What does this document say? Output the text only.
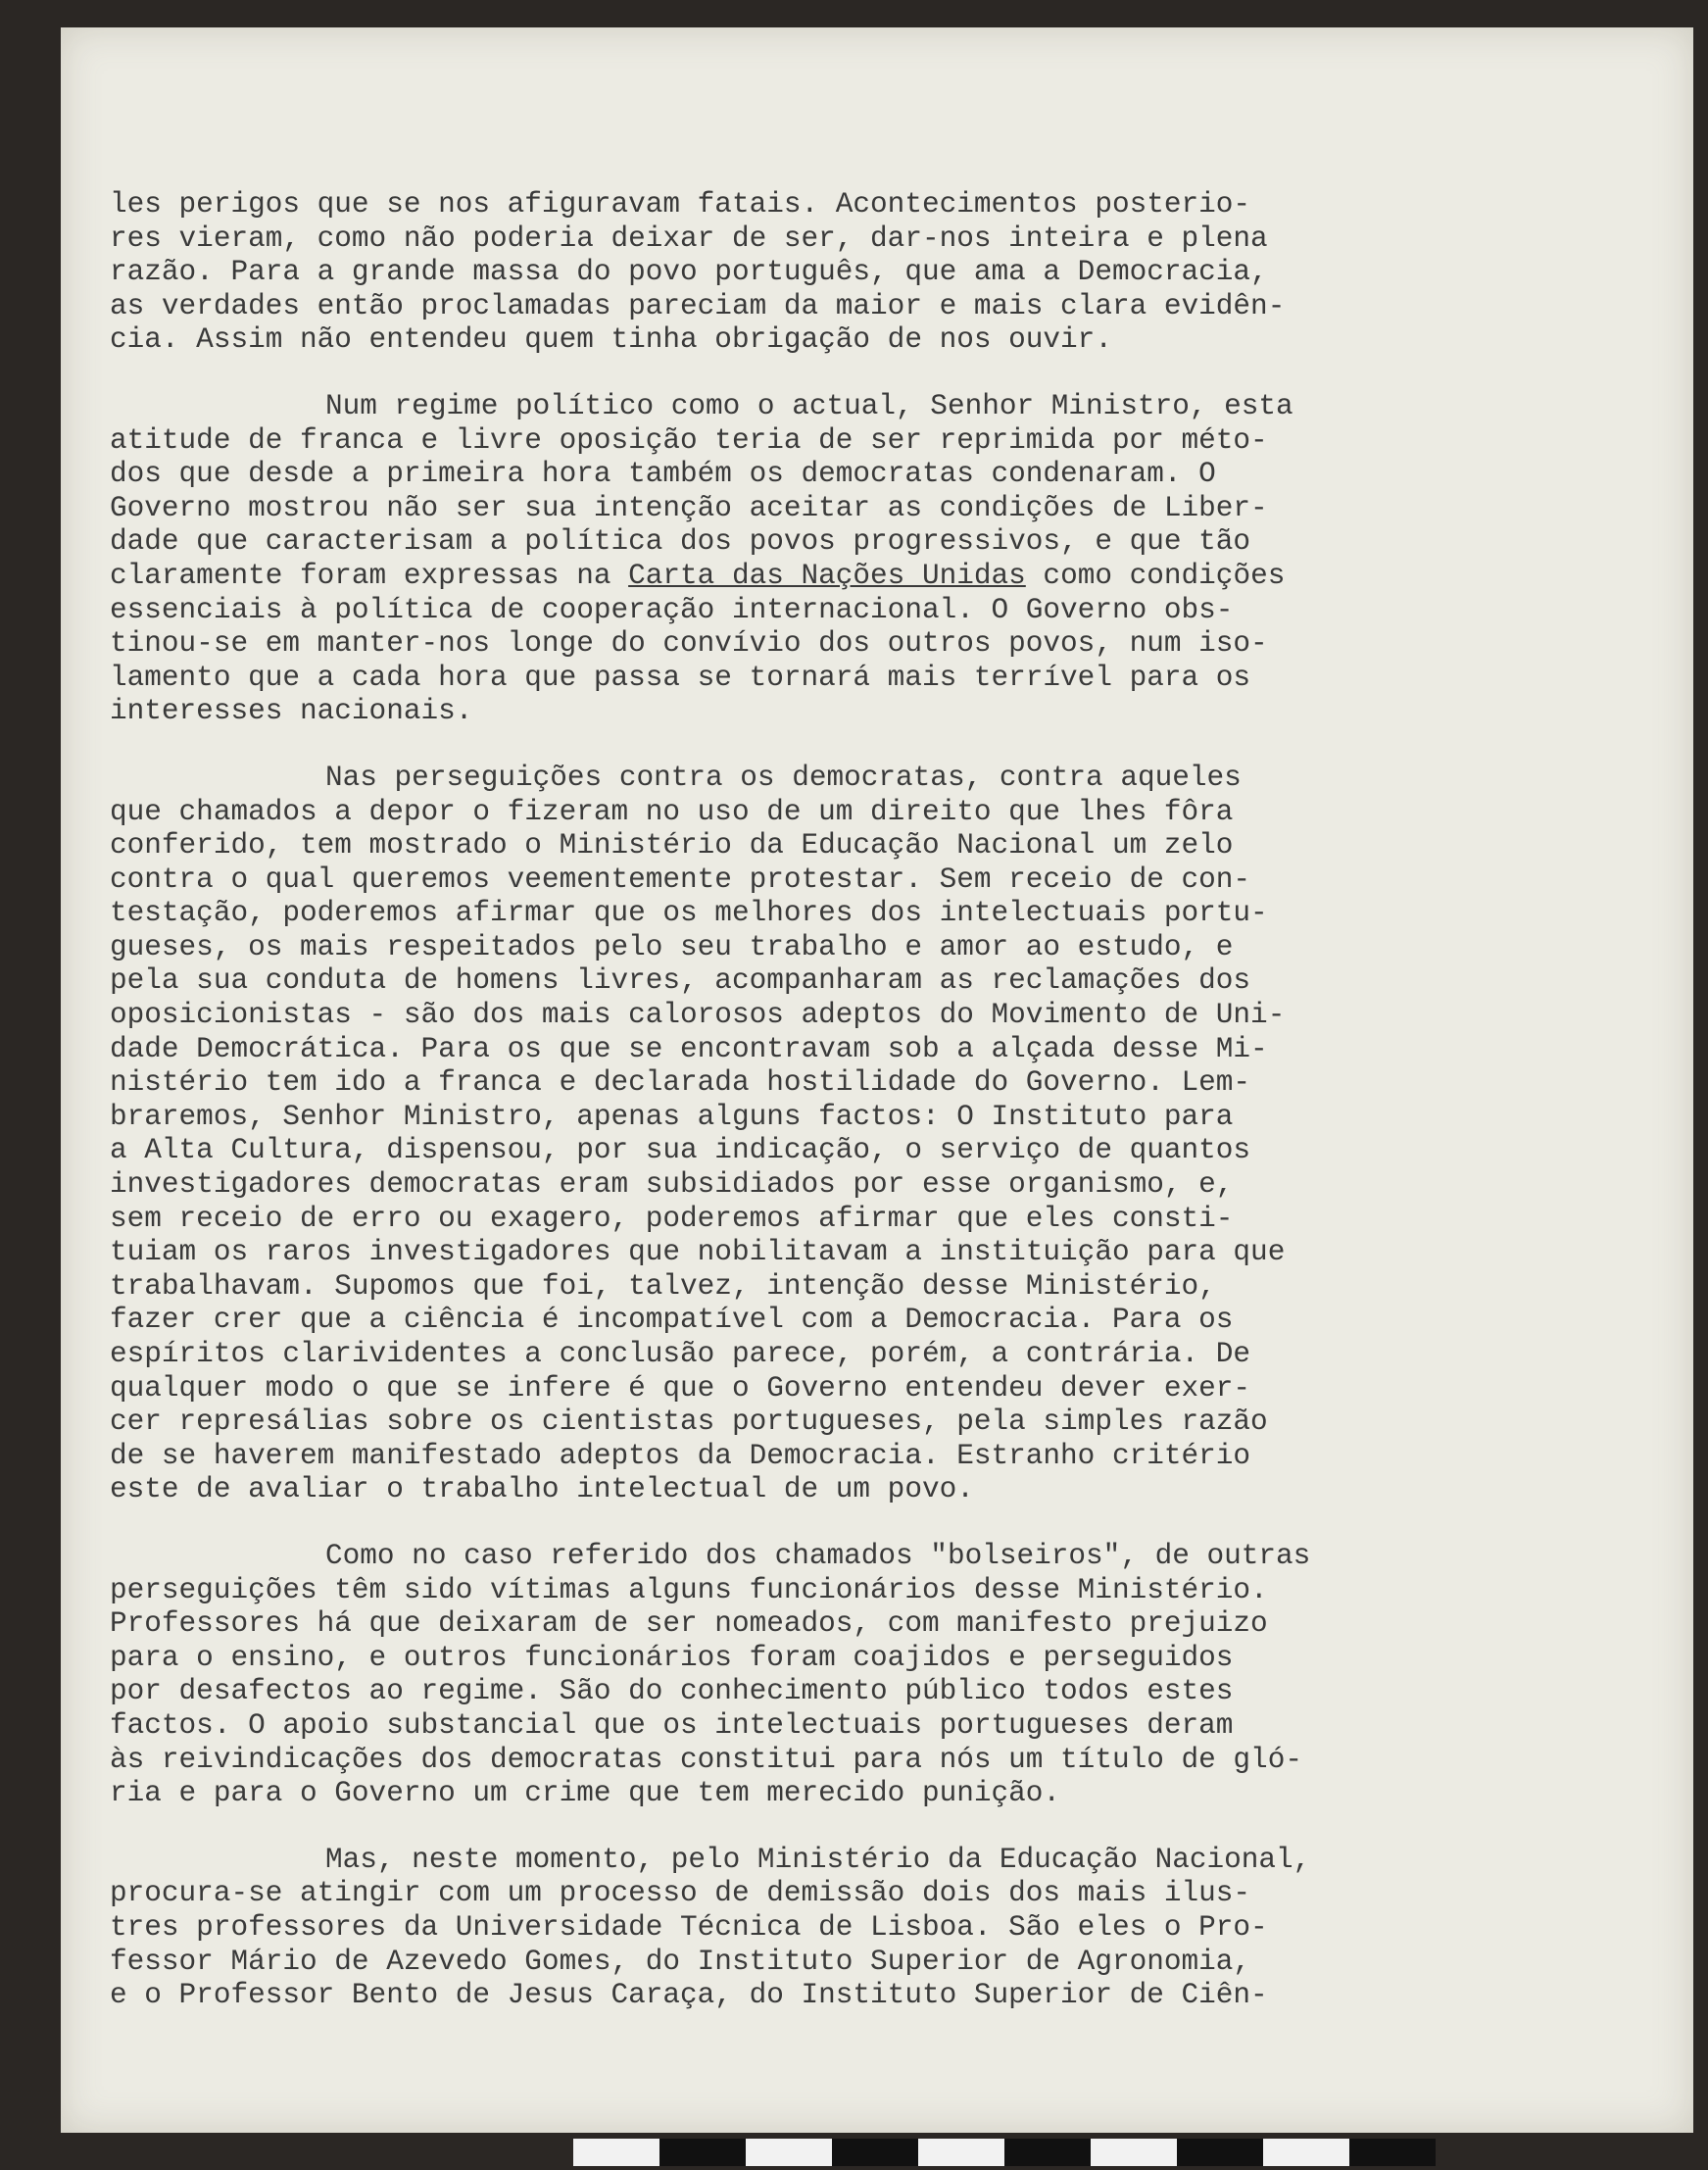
les perigos que se nos afiguravam fatais. Acontecimentos posterio-
res vieram, como não poderia deixar de ser, dar-nos inteira e plena
razão. Para a grande massa do povo português, que ama a Democracia,
as verdades então proclamadas pareciam da maior e mais clara evidên-
cia. Assim não entendeu quem tinha obrigação de nos ouvir.
Num regime político como o actual, Senhor Ministro, esta
atitude de franca e livre oposição teria de ser reprimida por méto-
dos que desde a primeira hora também os democratas condenaram. O
Governo mostrou não ser sua intenção aceitar as condições de Liber-
dade que caracterisam a política dos povos progressivos, e que tão
claramente foram expressas na Carta das Nações Unidas como condições
essenciais à política de cooperação internacional. O Governo obs-
tinou-se em manter-nos longe do convívio dos outros povos, num iso-
lamento que a cada hora que passa se tornará mais terrível para os
interesses nacionais.
Nas perseguições contra os democratas, contra aqueles
que chamados a depor o fizeram no uso de um direito que lhes fôra
conferido, tem mostrado o Ministério da Educação Nacional um zelo
contra o qual queremos veementemente protestar. Sem receio de con-
testação, poderemos afirmar que os melhores dos intelectuais portu-
gueses, os mais respeitados pelo seu trabalho e amor ao estudo, e
pela sua conduta de homens livres, acompanharam as reclamações dos
oposicionistas - são dos mais calorosos adeptos do Movimento de Uni-
dade Democrática. Para os que se encontravam sob a alçada desse Mi-
nistério tem ido a franca e declarada hostilidade do Governo. Lem-
braremos, Senhor Ministro, apenas alguns factos: O Instituto para
a Alta Cultura, dispensou, por sua indicação, o serviço de quantos
investigadores democratas eram subsidiados por esse organismo, e,
sem receio de erro ou exagero, poderemos afirmar que eles consti-
tuiam os raros investigadores que nobilitavam a instituição para que
trabalhavam. Supomos que foi, talvez, intenção desse Ministério,
fazer crer que a ciência é incompatível com a Democracia. Para os
espíritos clarividentes a conclusão parece, porém, a contrária. De
qualquer modo o que se infere é que o Governo entendeu dever exer-
cer represálias sobre os cientistas portugueses, pela simples razão
de se haverem manifestado adeptos da Democracia. Estranho critério
este de avaliar o trabalho intelectual de um povo.
Como no caso referido dos chamados "bolseiros", de outras
perseguições têm sido vítimas alguns funcionários desse Ministério.
Professores há que deixaram de ser nomeados, com manifesto prejuizo
para o ensino, e outros funcionários foram coajidos e perseguidos
por desafectos ao regime. São do conhecimento público todos estes
factos. O apoio substancial que os intelectuais portugueses deram
às reivindicações dos democratas constitui para nós um título de gló-
ria e para o Governo um crime que tem merecido punição.
Mas, neste momento, pelo Ministério da Educação Nacional,
procura-se atingir com um processo de demissão dois dos mais ilus-
tres professores da Universidade Técnica de Lisboa. São eles o Pro-
fessor Mário de Azevedo Gomes, do Instituto Superior de Agronomia,
e o Professor Bento de Jesus Caraça, do Instituto Superior de Ciên-
